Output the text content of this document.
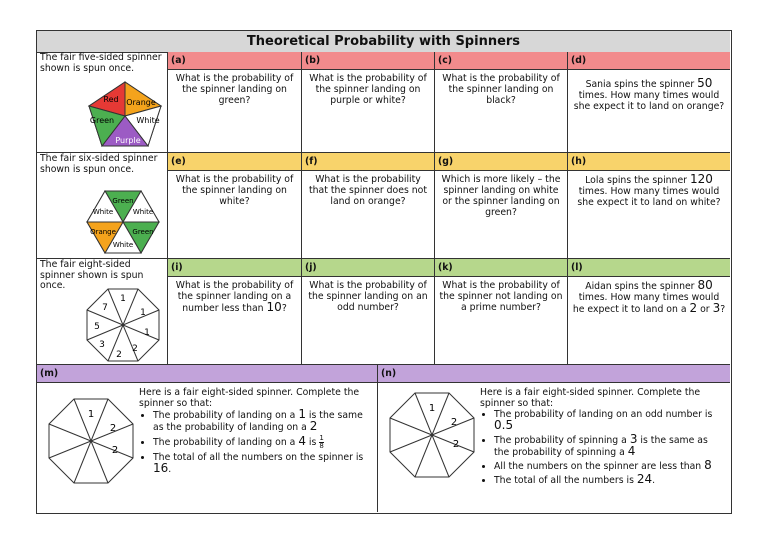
Theoretical Probability with Spinners
The fair five-sided spinner shown is spun once.
Red Orange
White
Purple
Green
(a)
What is the probability of the spinner landing on green?
(b)
What is the probability of the spinner landing on purple or white?
(c)
What is the probability of the spinner landing on black?
(d)
Sania spins the spinner 50 times. How many times would she expect it to land on orange?
The fair six-sided spinner shown is spun once.
Green
White
White
Orange
White
Green
(e)
What is the probability of the spinner landing on white?
(f)
What is the probability that the spinner does not land on orange?
(g)
Which is more likely – the spinner landing on white or the spinner landing on green?
(h)
Lola spins the spinner 120 times. How many times would she expect it to land on white?
The fair eight-sided spinner shown is spun once.
1
1
1
2
2
3
5
7
(i)
What is the probability of the spinner landing on a number less than 10?
(j)
What is the probability of the spinner landing on an odd number?
(k)
What is the probability of the spinner not landing on a prime number?
(l)
Aidan spins the spinner 80 times. How many times would he expect it to land on a 2 or 3?
(m)
1
2
2
Here is a fair eight-sided spinner. Complete the spinner so that:
• The probability of landing on a 1 is the same as the probability of landing on a 2
• The probability of landing on a 4 is $\frac{1}{8}$
• The total of all the numbers on the spinner is 16.
(n)
1
2
2
Here is a fair eight-sided spinner. Complete the spinner so that:
• The probability of landing on an odd number is 0.5
• The probability of spinning a 3 is the same as the probability of spinning a 4
• All the numbers on the spinner are less than 8
• The total of all the numbers is 24.
